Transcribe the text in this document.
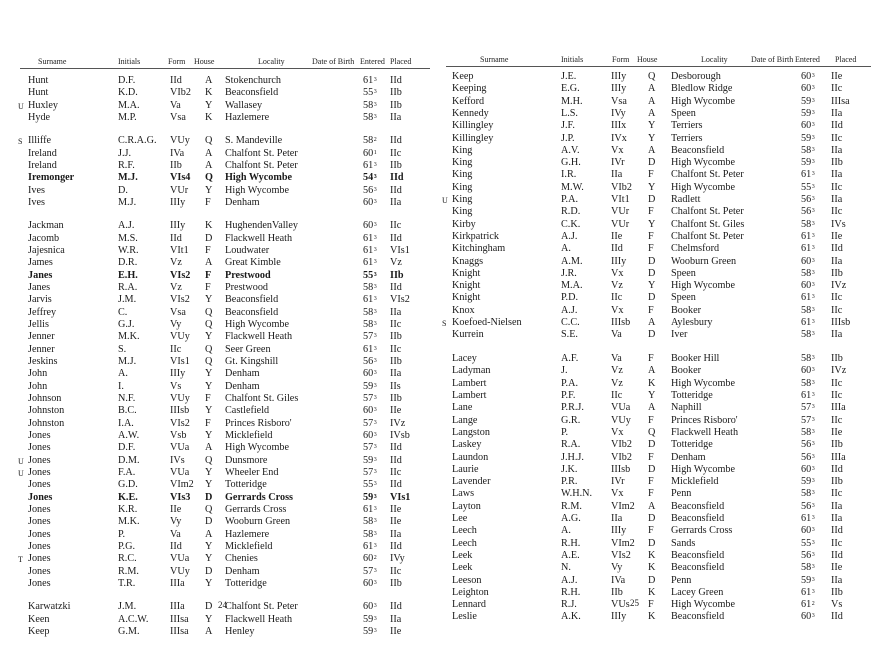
Surname	Initials	Form House	Locality	Date of Birth Entered Placed
Hunt	D.F.	IId A Stokenchurch	$61^3$ IId
Hunt	K.D.	VIb2 K Beaconsfield	$55^3$ IIb
U Huxley	M.A.	Va Y Wallasey	$58^3$ IIb
Hyde	M.P.	Vsa K Hazlemere	$58^3$ IIa
S Illiffe	C.R.A.G. VUy Q S. Mandeville	$58^2$ IId
Ireland	J.J.	IVa A Chalfont St. Peter	$60^1$ IIc
Ireland	R.F.	IIb A Chalfont St. Peter	$61^3$ IIb
Iremonger	M.J.	VIs4 Q High Wycombe	$54^3$ IId
Ives	D.	VUr Y High Wycombe	$56^3$ IId
Ives	M.J.	IIIy F Denham	$60^3$ IIa
Jackman	A.J.	IIIy K HughendenValley	$60^3$ IIc
Jacomb	M.S.	IId D Flackwell Heath	$61^3$ IId
Jajesnica	W.R.	VIt1 F Loudwater	$61^3$ VIs1
James	D.R.	Vz A Great Kimble	$61^3$ Vz
Janes	E.H.	VIs2 F Prestwood	$55^3$ IIb
Janes	R.A.	Vz F Prestwood	$58^3$ IId
Jarvis	J.M.	VIs2 Y Beaconsfield	$61^3$ VIs2
Jeffrey	C.	Vsa Q Beaconsfield	$58^3$ IIa
Jellis	G.J.	Vy Q High Wycombe	$58^3$ IIc
Jenner	M.K.	VUy Y Flackwell Heath	$57^3$ IIb
Jenner	S.	IIc Q Seer Green	$61^3$ IIc
Jeskins	M.J.	VIs1 Q Gt. Kingshill	$56^3$ IIb
John	A.	IIIy Y Denham	$60^3$ IIa
John	I.	Vs Y Denham	$59^3$ IIs
Johnson	N.F.	VUy F Chalfont St. Giles	$57^3$ IIb
Johnston	B.C.	IIIsb Y Castlefield	$60^3$ IIe
Johnston	I.A.	VIs2 F Princes Risboro'	$57^3$ IVz
Jones	A.W.	Vsb Y Micklefield	$60^3$ IVsb
Jones	D.F.	VUa A High Wycombe	$57^3$ IId
U Jones	D.M.	IVs Q Dunsmore	$59^3$ IId
U Jones	F.A.	VUa Y Wheeler End	$57^3$ IIc
Jones	G.D.	VIm2 Y Totteridge	$55^3$ IId
Jones	K.E.	VIs3 D Gerrards Cross	$59^3$ VIs1
Jones	K.R.	IIe Q Gerrards Cross	$61^3$ IIe
Jones	M.K.	Vy D Wooburn Green	$58^3$ IIe
Jones	P.	Va A Hazlemere	$58^3$ IIa
Jones	P.G.	IId Y Micklefield	$61^3$ IId
T Jones	R.C.	VUa Y Chenies	$60^2$ IVy
Jones	R.M.	VUy D Denham	$57^3$ IIc
Jones	T.R.	IIIa Y Totteridge	$60^3$ IIb
Karwatzki	J.M.	IIIa D Chalfont St. Peter	$60^3$ IId
Keen	A.C.W. IIIsa Y Flackwell Heath	$59^3$ IIa
Keep	G.M.	IIIsa A Henley	$59^3$ IIe
24
Surname	Initials	Form House	Locality	Date of Birth Entered Placed
Keep	J.E.	IIIy Q Desborough	$60^3$ IIe
Keeping	E.G.	IIIy A Bledlow Ridge	$60^3$ IIc
Kefford	M.H.	Vsa A High Wycombe	$59^3$ IIIsa
Kennedy	L.S.	IVy A Speen	$59^3$ IIa
Killingley	J.F.	IIIx Y Terriers	$60^3$ IId
Killingley	J.P.	IVx Y Terriers	$59^3$ IIc
King	A.V.	Vx A Beaconsfield	$58^3$ IIa
King	G.H.	IVr D High Wycombe	$59^3$ IIb
King	I.R.	IIa	F Chalfont St. Peter	$61^3$ IIa
King	M.W.	VIb2 Y High Wycombe	$55^3$ IIc
U King	P.A.	VIt1 D Radlett	$56^3$ IIa
King	R.D.	VUr F Chalfont St. Peter	$56^3$ IIc
Kirby	C.K.	VUr Y Chalfont St. Giles	$58^3$ IVs
Kirkpatrick	A.J.	IIe	F Chalfont St. Peter	$61^3$ IIe
Kitchingham	A.	IId F Chelmsford	$61^3$ IId
Knaggs	A.M.	IIIy D Wooburn Green	$60^3$ IIa
Knight	J.R.	Vx D Speen	$58^3$ IIb
Knight	M.A.	Vz Y High Wycombe	$60^3$ IVz
Knight	P.D.	IIc	D Speen	$61^3$ IIc
Knox	A.J.	Vx F Booker	$58^3$ IIc
S Koefoed-Nielsen	C.C.	IIIsb A Aylesbury	$61^3$ IIIsb
Kurrein	S.E.	Va	D Iver	$58^3$ IIa
Lacey	A.F.	Va	F Booker Hill	$58^3$ IIb
Ladyman	J.	Vz A Booker	$60^3$ IVz
Lambert	P.A.	Vz K High Wycombe	$58^3$ IIc
Lambert	P.F.	IIc	Y Totteridge	$61^3$ IIc
Lane	P.R.J.	VUa A Naphill	$57^3$ IIIa
Lange	G.R.	VUy F Princes Risboro'	$57^3$ IIc
Langston	P.	Vx Q Flackwell Heath	$58^3$ IIe
Laskey	R.A.	VIb2 D Totteridge	$56^3$ IIb
Laundon	J.H.J.	VIb2 F Denham	$56^3$ IIIa
Laurie	J.K.	IIIsb D High Wycombe	$60^3$ IId
Lavender	P.R.	IVr F Micklefield	$59^3$ IIb
Laws	W.H.N. Vx F Penn	$58^3$ IIc
Layton	R.M.	VIm2 A Beaconsfield	$56^3$ IIa
Lee	A.G.	IIa	D Beaconsfield	$61^3$ IIa
Leech	A.	IIIy F Gerrards Cross	$60^3$ IId
Leech	R.H.	VIm2 D Sands	$55^3$ IIc
Leek	A.E.	VIs2 K Beaconsfield	$56^3$ IId
Leek	N.	Vy	K Beaconsfield	$58^3$ IIe
Leeson	A.J.	IVa D Penn	$59^3$ IIa
Leighton	R.H.	IIb K Lacey Green	$61^3$ IIb
Lennard	R.J.	VUs F High Wycombe	$61^2$ Vs
Leslie	A.K.	IIIy K Beaconsfield	$60^3$ IId
25
